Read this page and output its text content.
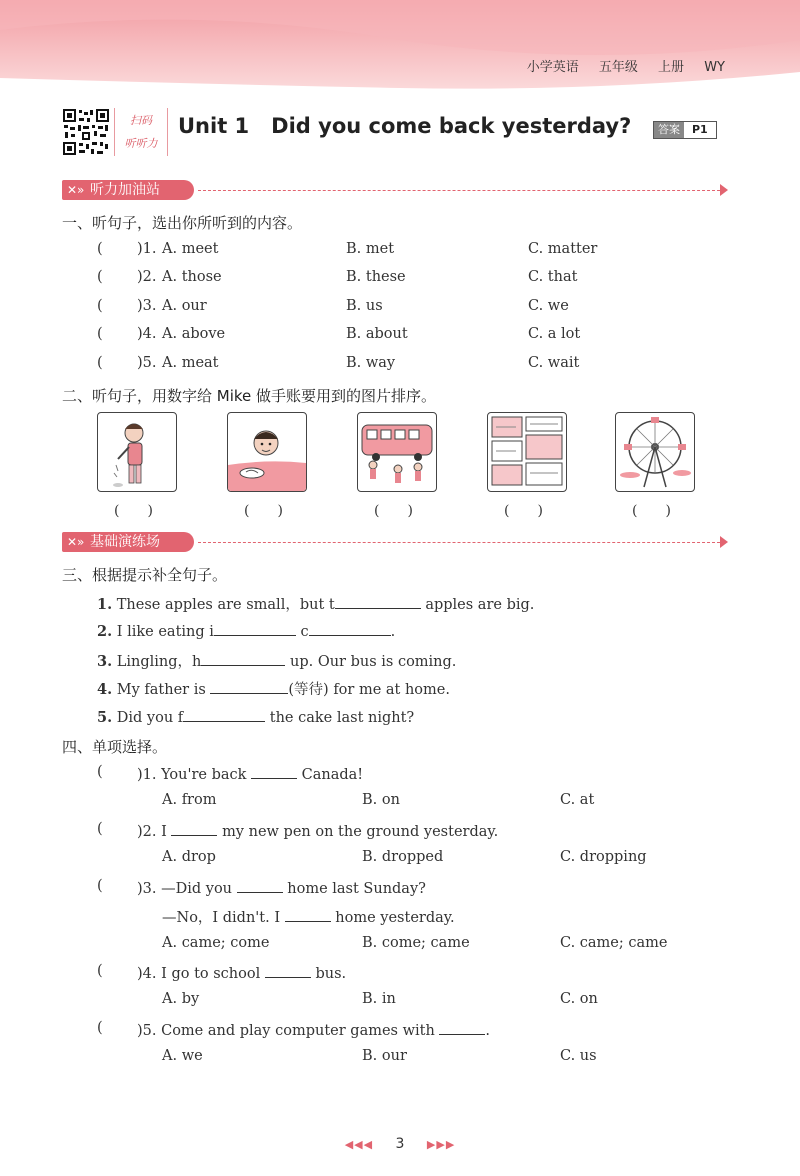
小学英语 五年级 上册 WY
扫码
听听力
Unit 1 Did you come back yesterday?	答案	P1
✕» 听力加油站
一、听句子，选出你所听到的内容。
( )1. A. meet	B. met	C. matter
( )2. A. those	B. these	C. that
( )3. A. our	B. us	C. we
( )4. A. above	B. about	C. a lot
( )5. A. meat	B. way	C. wait
二、听句子，用数字给 Mike 做手账要用到的图片排序。
(　　)	(　　)	(　　)	(　　)	(　　)
✕» 基础演练场
三、根据提示补全句子。
1. These apples are small，but t	apples are big.
2. I like eating i	c	.
3. Lingling，h	up. Our bus is coming.
4. My father is	(等待) for me at home.
5. Did you f	the cake last night?
四、单项选择。
( )1. You're back	Canada!
A. from	B. on	C. at
( )2. I	my new pen on the ground yesterday.
A. drop	B. dropped	C. dropping
( )3. —Did you	home last Sunday?
—No，I didn't. I	home yesterday.
A. came; come	B. come; came	C. came; came
( )4. I go to school	bus.
A. by	B. in	C. on
( )5. Come and play computer games with	.
A. we	B. our	C. us
◀◀◀ 3 ▶▶▶
